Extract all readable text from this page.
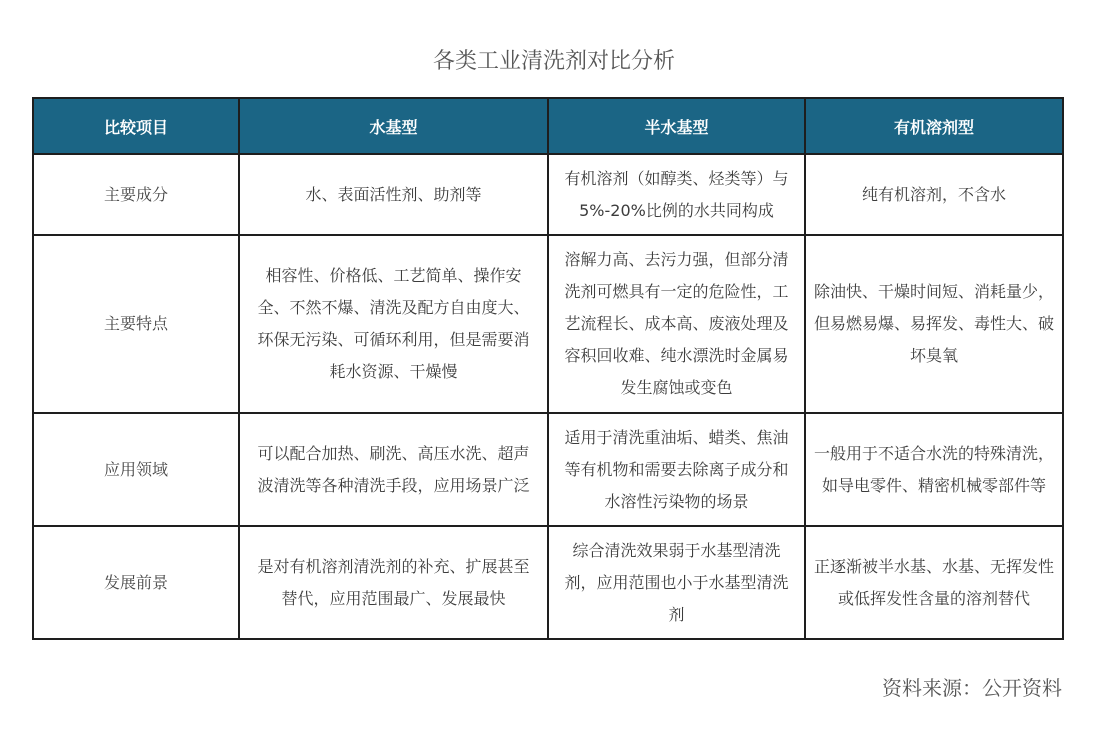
各类工业清洗剂对比分析
比较项目	水基型	半水基型	有机溶剂型
主要成分	水、表面活性剂、助剂等	有机溶剂（如醇类、烃类等）与5%-20%比例的水共同构成	纯有机溶剂，不含水
主要特点	相容性、价格低、工艺简单、操作安全、不然不爆、清洗及配方自由度大、环保无污染、可循环利用，但是需要消耗水资源、干燥慢	溶解力高、去污力强，但部分清洗剂可燃具有一定的危险性，工艺流程长、成本高、废液处理及容积回收难、纯水漂洗时金属易发生腐蚀或变色	除油快、干燥时间短、消耗量少，但易燃易爆、易挥发、毒性大、破坏臭氧
应用领域	可以配合加热、刷洗、高压水洗、超声波清洗等各种清洗手段，应用场景广泛	适用于清洗重油垢、蜡类、焦油等有机物和需要去除离子成分和水溶性污染物的场景	一般用于不适合水洗的特殊清洗，如导电零件、精密机械零部件等
发展前景	是对有机溶剂清洗剂的补充、扩展甚至替代，应用范围最广、发展最快	综合清洗效果弱于水基型清洗剂，应用范围也小于水基型清洗剂	正逐渐被半水基、水基、无挥发性或低挥发性含量的溶剂替代
资料来源：公开资料
